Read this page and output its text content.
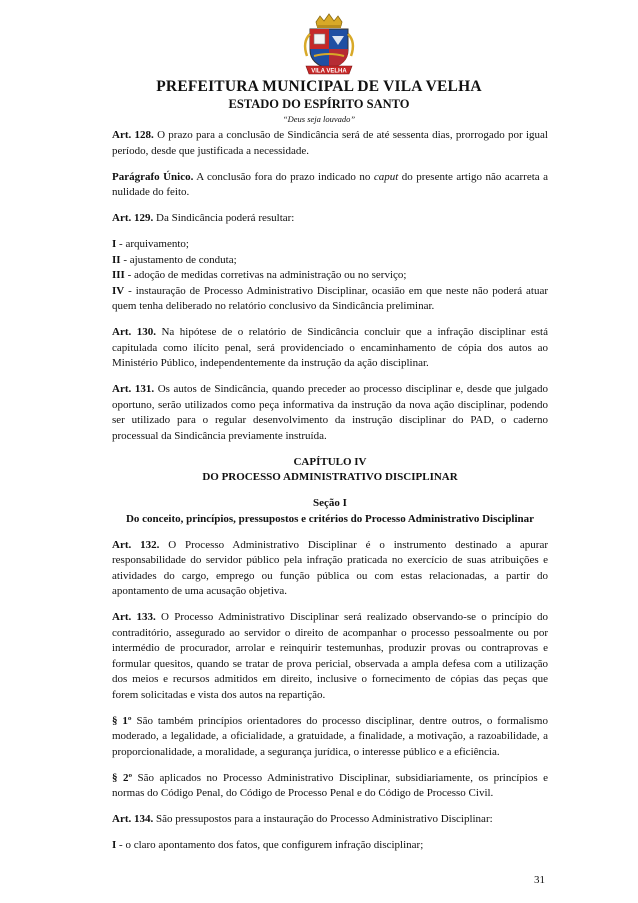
VILA VELHA
PREFEITURA MUNICIPAL DE VILA VELHA
ESTADO DO ESPÍRITO SANTO
“Deus seja louvado”

Art. 128. O prazo para a conclusão de Sindicância será de até sessenta dias, prorrogado por igual período, desde que justificada a necessidade.

Parágrafo Único. A conclusão fora do prazo indicado no caput do presente artigo não acarreta a nulidade do feito.

Art. 129. Da Sindicância poderá resultar:

I - arquivamento;

II - ajustamento de conduta;

III - adoção de medidas corretivas na administração ou no serviço;

IV - instauração de Processo Administrativo Disciplinar, ocasião em que neste não poderá atuar quem tenha deliberado no relatório conclusivo da Sindicância preliminar.

Art. 130. Na hipótese de o relatório de Sindicância concluir que a infração disciplinar está capitulada como ilícito penal, será providenciado o encaminhamento de cópia dos autos ao Ministério Público, independentemente da instrução da ação disciplinar.

Art. 131. Os autos de Sindicância, quando preceder ao processo disciplinar e, desde que julgado oportuno, serão utilizados como peça informativa da instrução da nova ação disciplinar, podendo ser utilizado para o regular desenvolvimento da instrução disciplinar do PAD, o caderno processual da Sindicância previamente instruída.

CAPÍTULO IV
DO PROCESSO ADMINISTRATIVO DISCIPLINAR
Seção I
Do conceito, princípios, pressupostos e critérios do Processo Administrativo Disciplinar

Art. 132. O Processo Administrativo Disciplinar é o instrumento destinado a apurar responsabilidade do servidor público pela infração praticada no exercício de suas atribuições e atividades do cargo, emprego ou função pública ou com estas relacionadas, a partir do apontamento de uma acusação objetiva.

Art. 133. O Processo Administrativo Disciplinar será realizado observando-se o princípio do contraditório, assegurado ao servidor o direito de acompanhar o processo pessoalmente ou por intermédio de procurador, arrolar e reinquirir testemunhas, produzir provas ou contraprovas e formular quesitos, quando se tratar de prova pericial, observada a ampla defesa com a utilização dos meios e recursos admitidos em direito, inclusive o fornecimento de cópias das peças que forem solicitadas e vista dos autos na repartição.

§ 1º São também princípios orientadores do processo disciplinar, dentre outros, o formalismo moderado, a legalidade, a oficialidade, a gratuidade, a finalidade, a motivação, a razoabilidade, a proporcionalidade, a moralidade, a segurança jurídica, o interesse público e a eficiência.

§ 2º São aplicados no Processo Administrativo Disciplinar, subsidiariamente, os princípios e normas do Código Penal, do Código de Processo Penal e do Código de Processo Civil.

Art. 134. São pressupostos para a instauração do Processo Administrativo Disciplinar:

I - o claro apontamento dos fatos, que configurem infração disciplinar;

31
